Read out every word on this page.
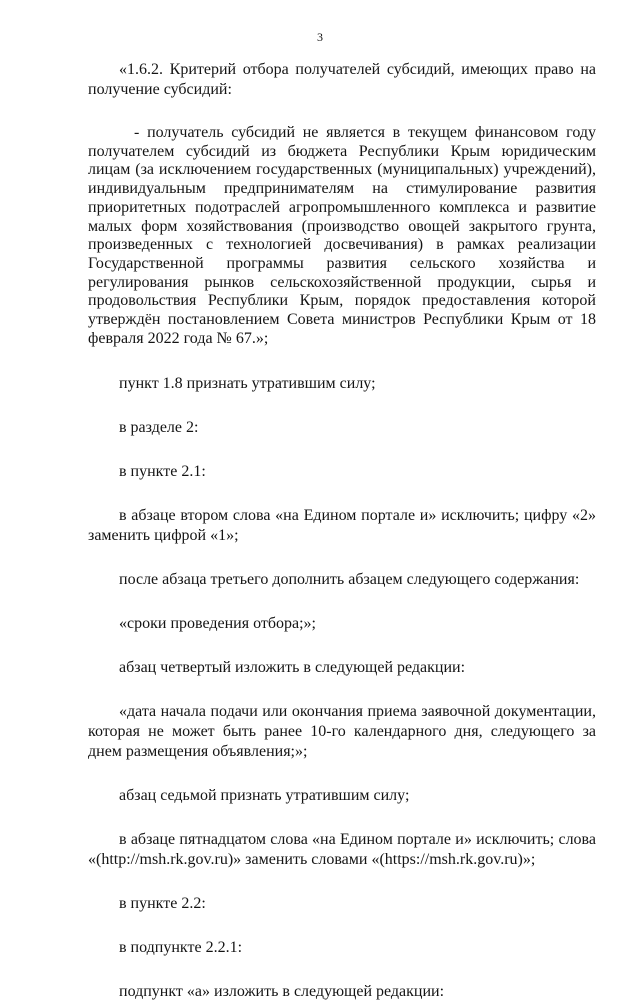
3

«1.6.2. Критерий отбора получателей субсидий, имеющих право на получение субсидий:

- получатель субсидий не является в текущем финансовом году получателем субсидий из бюджета Республики Крым юридическим лицам (за исключением государственных (муниципальных) учреждений), индивидуальным предпринимателям на стимулирование развития приоритетных подотраслей агропромышленного комплекса и развитие малых форм хозяйствования (производство овощей закрытого грунта, произведенных с технологией досвечивания) в рамках реализации Государственной программы развития сельского хозяйства и регулирования рынков сельскохозяйственной продукции, сырья и продовольствия Республики Крым, порядок предоставления которой утверждён постановлением Совета министров Республики Крым от 18 февраля 2022 года № 67.»;

пункт 1.8 признать утратившим силу;

в разделе 2:

в пункте 2.1:

в абзаце втором слова «на Едином портале и» исключить; цифру «2» заменить цифрой «1»;

после абзаца третьего дополнить абзацем следующего содержания:

«сроки проведения отбора;»;

абзац четвертый изложить в следующей редакции:

«дата начала подачи или окончания приема заявочной документации, которая не может быть ранее 10-го календарного дня, следующего за днем размещения объявления;»;

абзац седьмой признать утратившим силу;

в абзаце пятнадцатом слова «на Едином портале и» исключить; слова «(http://msh.rk.gov.ru)» заменить словами «(https://msh.rk.gov.ru)»;

в пункте 2.2:

в подпункте 2.2.1:

подпункт «а» изложить в следующей редакции:
